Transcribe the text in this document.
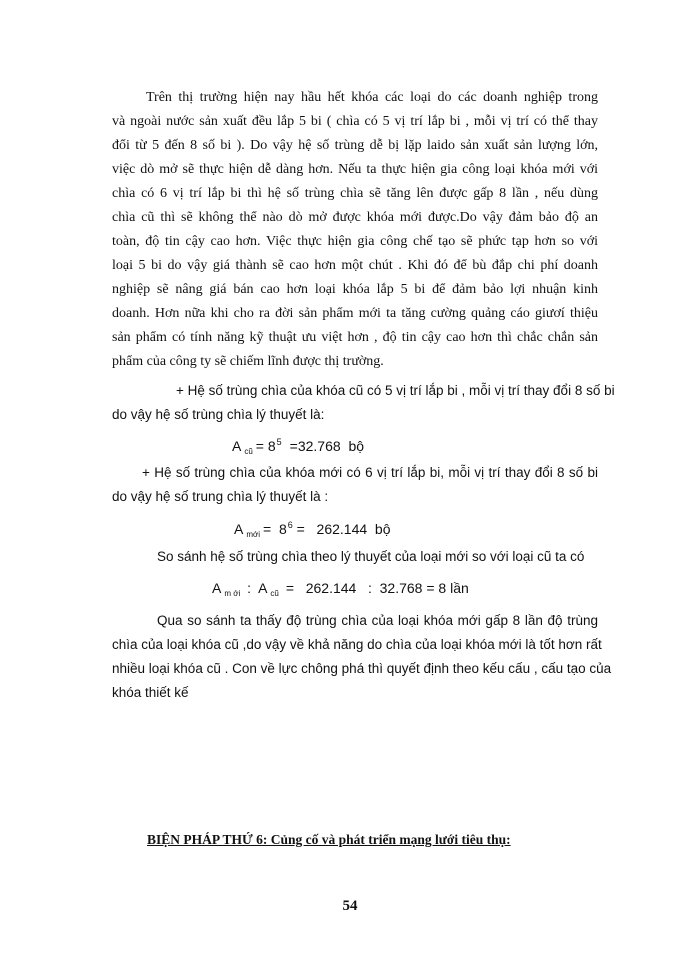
Trên thị trường hiện nay hầu hết khóa các loại do các doanh nghiệp trong
và ngoài nước sản xuất đều lắp 5 bi ( chìa có 5 vị trí lắp bi , mỗi vị trí có thể thay
đổi từ 5 đến 8 số bi ). Do vậy hệ số trùng dễ bị lặp laido sản xuất sản lượng lớn,
việc dò mở sẽ thực hiện dễ dàng hơn. Nếu ta thực hiện gia công loại khóa mới với
chìa có 6 vị trí lắp bi thì hệ số trùng chìa sẽ tăng lên được gấp 8 lần , nếu dùng
chìa cũ thì sẽ không thể nào dò mở được khóa mới được.Do vậy đảm bảo độ an
toàn, độ tin cậy cao hơn. Việc thực hiện gia công chế tạo sẽ phức tạp hơn so với
loại 5 bi do vậy giá thành sẽ cao hơn một chút . Khi đó để bù đắp chi phí doanh
nghiệp sẽ nâng giá bán cao hơn loại khóa lắp 5 bi để đảm bảo lợi nhuận kinh
doanh. Hơn nữa khi cho ra đời sản phẩm mới ta tăng cường quảng cáo giươí thiệu
sản phẩm có tính năng kỹ thuật ưu việt hơn , độ tin cậy cao hơn thì chắc chắn sản
phẩm của công ty sẽ chiếm lĩnh được thị trường.
+ Hệ số trùng chìa của khóa cũ có 5 vị trí lắp bi , mỗi vị trí thay đổi 8 số bi
do vậy hệ số trùng chìa lý thuyết là:
A $_{cũ} = 8^5 =32.768$  bộ
+ Hệ số trùng chìa của khóa mới có 6 vị trí lắp bi, mỗi vị trí thay đổi 8 số bi
do vậy hệ số trung chìa lý thuyết là :
A $_{mới} = 8^6 = 262.144$  bộ
So sánh hệ số trùng chìa theo lý thuyết của loại mới so với loại cũ ta có
A $_{m ới}$ :  A $_{cũ}$ =   262.144   :  32.768 = 8 lần
Qua so sánh ta thấy độ trùng chìa của loại khóa mới gấp 8 lần độ trùng
chìa của loại khóa cũ ,do vậy về khả năng do chìa của loại khóa mới là tốt hơn rất
nhiều loại khóa cũ . Con về lực chông phá thì quyết định theo kếu cấu , cấu tạo của
khóa thiết kế
BIỆN PHÁP THỨ 6: Củng cố và phát triển mạng lưới tiêu thụ:
54
